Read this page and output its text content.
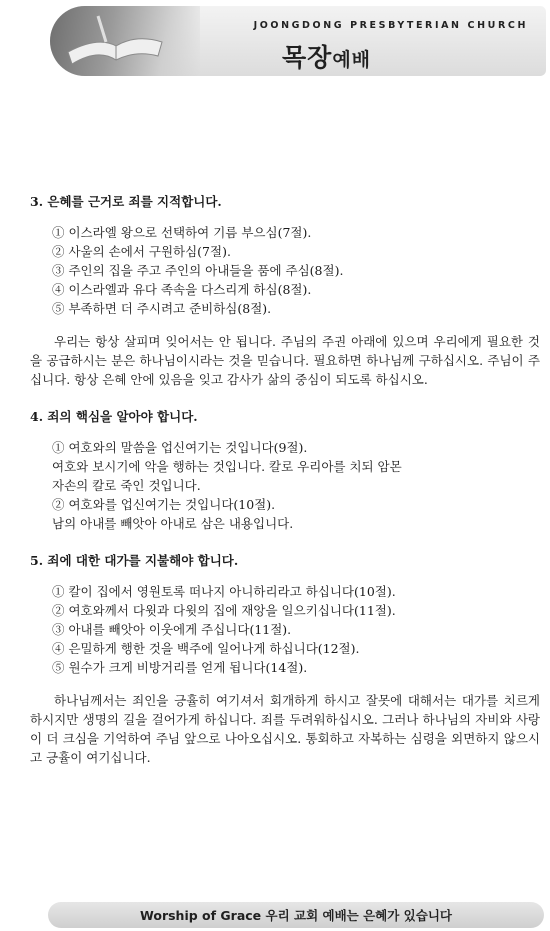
JOONGDONG PRESBYTERIAN CHURCH
목장예배

3. 은혜를 근거로 죄를 지적합니다.

① 이스라엘 왕으로 선택하여 기름 부으심(7절).
② 사울의 손에서 구원하심(7절).
③ 주인의 집을 주고 주인의 아내들을 품에 주심(8절).
④ 이스라엘과 유다 족속을 다스리게 하심(8절).
⑤ 부족하면 더 주시려고 준비하심(8절).

우리는 항상 살피며 잊어서는 안 됩니다. 주님의 주권 아래에 있으며 우리에게 필요한 것을 공급하시는 분은 하나님이시라는 것을 믿습니다. 필요하면 하나님께 구하십시오. 주님이 주십니다. 항상 은혜 안에 있음을 잊고 감사가 삶의 중심이 되도록 하십시오.

4. 죄의 핵심을 알아야 합니다.

① 여호와의 말씀을 업신여기는 것입니다(9절).
여호와 보시기에 악을 행하는 것입니다. 칼로 우리아를 치되 암몬
자손의 칼로 죽인 것입니다.
② 여호와를 업신여기는 것입니다(10절).
남의 아내를 빼앗아 아내로 삼은 내용입니다.

5. 죄에 대한 대가를 지불해야 합니다.

① 칼이 집에서 영원토록 떠나지 아니하리라고 하십니다(10절).
② 여호와께서 다윗과 다윗의 집에 재앙을 일으키십니다(11절).
③ 아내를 빼앗아 이웃에게 주십니다(11절).
④ 은밀하게 행한 것을 백주에 일어나게 하십니다(12절).
⑤ 원수가 크게 비방거리를 얻게 됩니다(14절).

하나님께서는 죄인을 긍휼히 여기셔서 회개하게 하시고 잘못에 대해서는 대가를 치르게 하시지만 생명의 길을 걸어가게 하십니다. 죄를 두려워하십시오. 그러나 하나님의 자비와 사랑이 더 크심을 기억하여 주님 앞으로 나아오십시오. 통회하고 자복하는 심령을 외면하지 않으시고 긍휼이 여기십니다.

Worship of Grace 우리 교회 예배는 은혜가 있습니다
